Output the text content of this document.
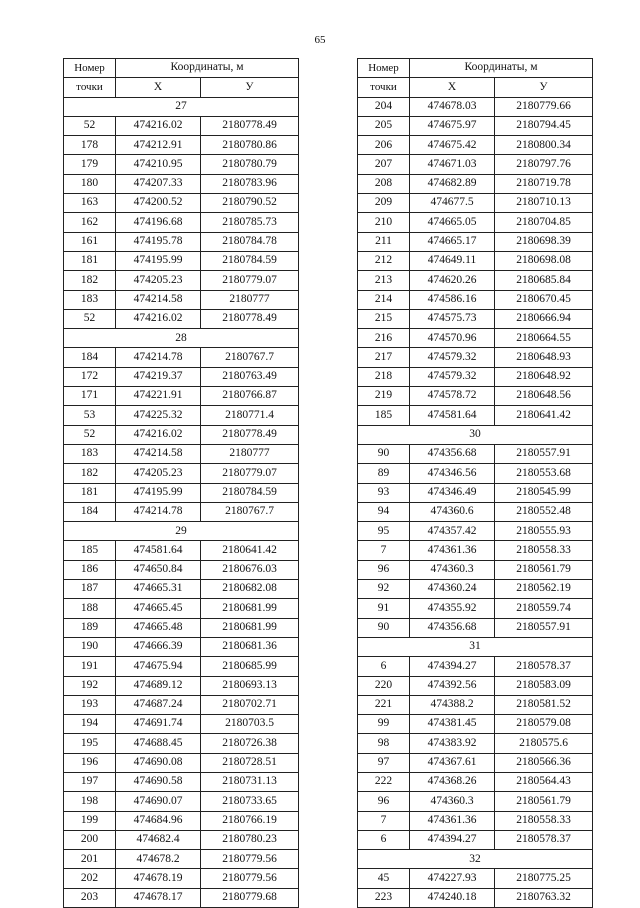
65
Номер	Координаты, м	
точки	Х	У
27		
52	474216.02	2180778.49
178	474212.91	2180780.86
179	474210.95	2180780.79
180	474207.33	2180783.96
163	474200.52	2180790.52
162	474196.68	2180785.73
161	474195.78	2180784.78
181	474195.99	2180784.59
182	474205.23	2180779.07
183	474214.58	2180777
52	474216.02	2180778.49
28		
184	474214.78	2180767.7
172	474219.37	2180763.49
171	474221.91	2180766.87
53	474225.32	2180771.4
52	474216.02	2180778.49
183	474214.58	2180777
182	474205.23	2180779.07
181	474195.99	2180784.59
184	474214.78	2180767.7
29		
185	474581.64	2180641.42
186	474650.84	2180676.03
187	474665.31	2180682.08
188	474665.45	2180681.99
189	474665.48	2180681.99
190	474666.39	2180681.36
191	474675.94	2180685.99
192	474689.12	2180693.13
193	474687.24	2180702.71
194	474691.74	2180703.5
195	474688.45	2180726.38
196	474690.08	2180728.51
197	474690.58	2180731.13
198	474690.07	2180733.65
199	474684.96	2180766.19
200	474682.4	2180780.23
201	474678.2	2180779.56
202	474678.19	2180779.56
203	474678.17	2180779.68
Номер	Координаты, м	
точки	Х	У
204	474678.03	2180779.66
205	474675.97	2180794.45
206	474675.42	2180800.34
207	474671.03	2180797.76
208	474682.89	2180719.78
209	474677.5	2180710.13
210	474665.05	2180704.85
211	474665.17	2180698.39
212	474649.11	2180698.08
213	474620.26	2180685.84
214	474586.16	2180670.45
215	474575.73	2180666.94
216	474570.96	2180664.55
217	474579.32	2180648.93
218	474579.32	2180648.92
219	474578.72	2180648.56
185	474581.64	2180641.42
30		
90	474356.68	2180557.91
89	474346.56	2180553.68
93	474346.49	2180545.99
94	474360.6	2180552.48
95	474357.42	2180555.93
7	474361.36	2180558.33
96	474360.3	2180561.79
92	474360.24	2180562.19
91	474355.92	2180559.74
90	474356.68	2180557.91
31		
6	474394.27	2180578.37
220	474392.56	2180583.09
221	474388.2	2180581.52
99	474381.45	2180579.08
98	474383.92	2180575.6
97	474367.61	2180566.36
222	474368.26	2180564.43
96	474360.3	2180561.79
7	474361.36	2180558.33
6	474394.27	2180578.37
32		
45	474227.93	2180775.25
223	474240.18	2180763.32
